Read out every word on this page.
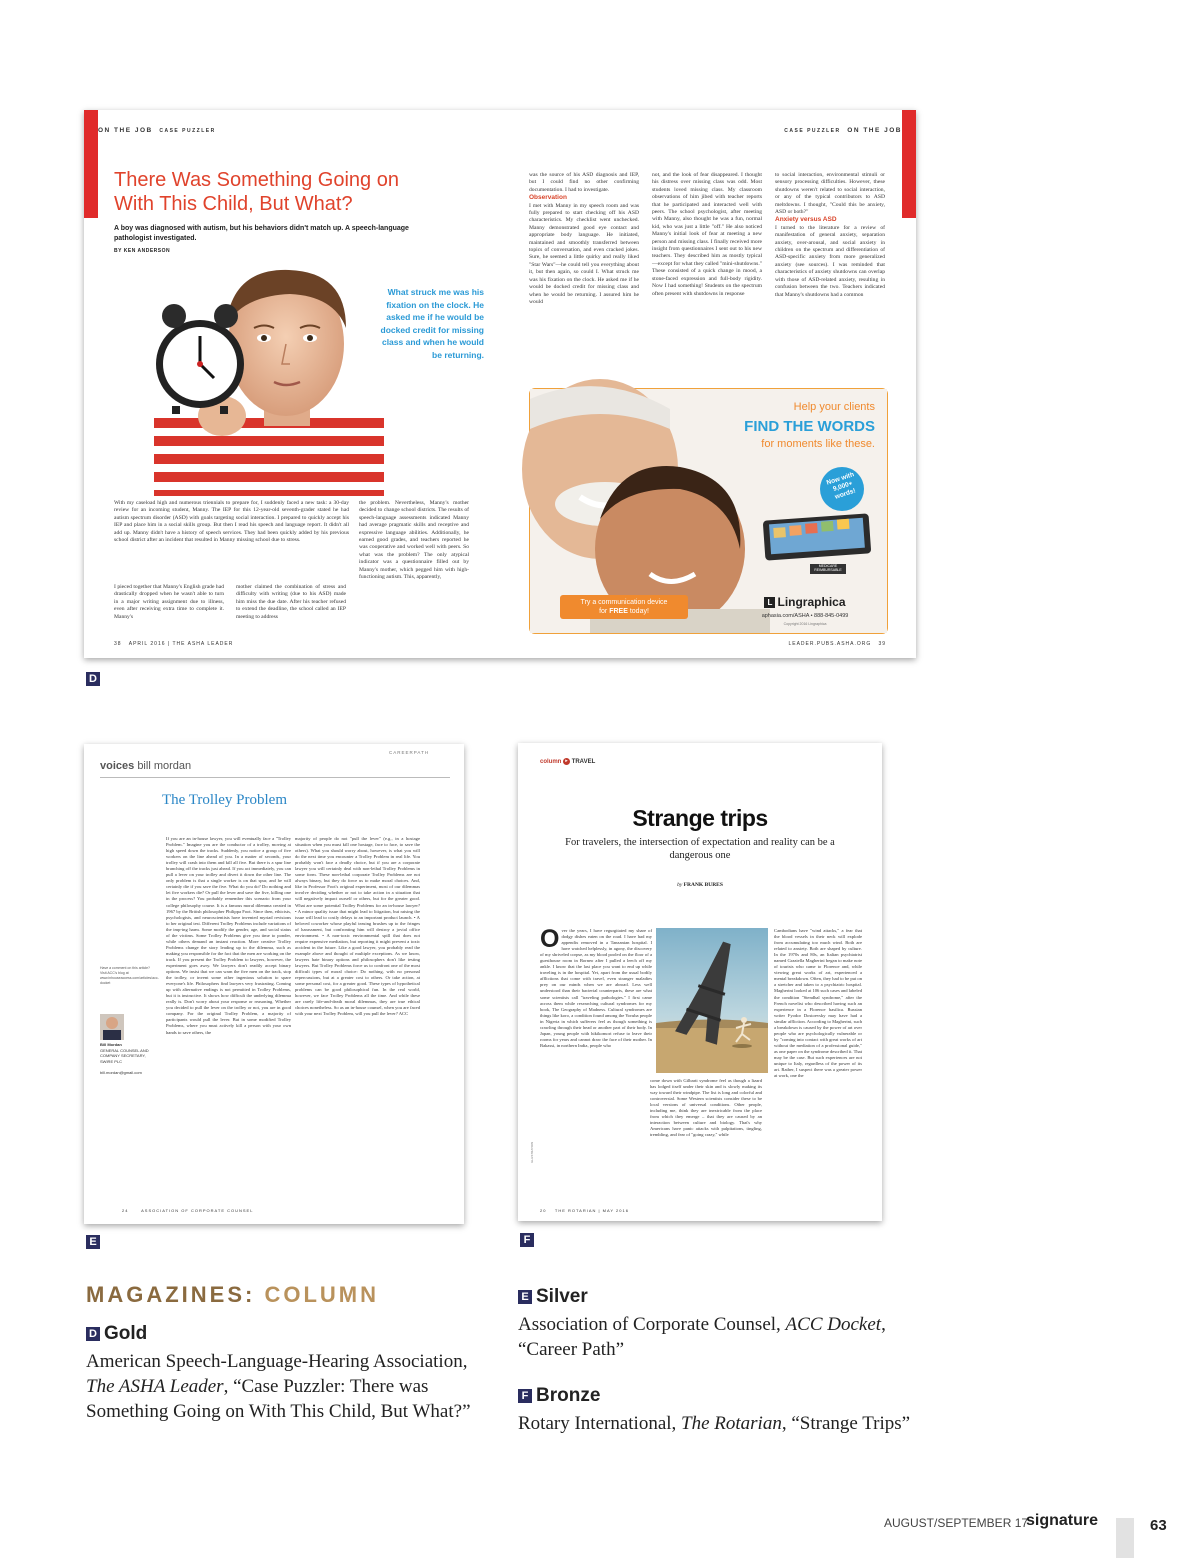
ON THE JOB CASE PUZZLER	CASE PUZZLER ON THE JOB
There Was Something Going on With This Child, But What?
A boy was diagnosed with autism, but his behaviors didn't match up. A speech-language pathologist investigated.
BY KEN ANDERSON
What struck me was his fixation on the clock. He asked me if he would be docked credit for missing class and when he would be returning.
With my caseload high and numerous triennials to prepare for, I suddenly faced a new task: a 30-day review for an incoming student, Manny. The IEP for this 12-year-old seventh-grader stated he had autism spectrum disorder (ASD) with goals targeting social interaction. I prepared to quickly accept his IEP and place him in a social skills group. But then I read his speech and language report. It didn't all add up. Manny didn't have a history of speech services. They had been quickly added by his previous school district after an incident that resulted in Manny missing school due to stress.
I pieced together that Manny's English grade had drastically dropped when he wasn't able to turn in a major writing assignment due to illness, even after receiving extra time to complete it. Manny's
mother claimed the combination of stress and difficulty with writing (due to his ASD) made him miss the due date. After his teacher refused to extend the deadline, the school called an IEP meeting to address
the problem. Nevertheless, Manny's mother decided to change school districts. The results of speech-language assessments indicated Manny had average pragmatic skills and receptive and expressive language abilities. Additionally, he earned good grades, and teachers reported he was cooperative and worked well with peers. So what was the problem? The only atypical indicator was a questionnaire filled out by Manny's mother, which pegged him with high-functioning autism. This, apparently,
was the source of his ASD diagnosis and IEP, but I could find no other confirming documentation. I had to investigate.
Observation
I met with Manny in my speech room and was fully prepared to start checking off his ASD characteristics. My checklist went unchecked. Manny demonstrated good eye contact and appropriate body language. He initiated, maintained and smoothly transferred between topics of conversation, and even cracked jokes. Sure, he seemed a little quirky and really liked "Star Wars"—he could tell you everything about it, but then again, so could I. What struck me was his fixation on the clock. He asked me if he would be docked credit for missing class and when he would be returning. I assured him he would
not, and the look of fear disappeared. I thought his distress over missing class was odd. Most students loved missing class. My classroom observations of him jibed with teacher reports that he participated and interacted well with peers. The school psychologist, after meeting with Manny, also thought he was a fun, normal kid, who was just a little "off." He also noticed Manny's initial look of fear at meeting a new person and missing class. I finally received more insight from questionnaires I sent out to his new teachers. They described him as mostly typical—except for what they called "mini-shutdowns." These consisted of a quick change in mood, a stone-faced expression and full-body rigidity. Now I had something! Students on the spectrum often present with shutdowns in response
to social interaction, environmental stimuli or sensory processing difficulties. However, these shutdowns weren't related to social interaction, or any of the typical contributors to ASD meltdowns. I thought, "Could this be anxiety, ASD or both?"
Anxiety versus ASD
I turned to the literature for a review of manifestation of general anxiety, separation anxiety, over-arousal, and social anxiety in children on the spectrum and differentiation of ASD-specific anxiety from more generalized anxiety (see sources). I was reminded that characteristics of anxiety shutdowns can overlap with those of ASD-related anxiety, resulting in confusion between the two. Teachers indicated that Manny's shutdowns had a common
Help your clients
FIND THE WORDS
for moments like these.
Now with 9,000+ words!
MEDICARE REIMBURSABLE
Try a communication device
for FREE today!
L Lingraphica
aphasia.com/ASHA • 888-845-0499
Copyright 2016 Lingraphica
38 APRIL 2016 | THE ASHA LEADER	LEADER.PUBS.ASHA.ORG 39
D
voices bill mordan
CAREERPATH
The Trolley Problem
Have a comment on this article? Visit ACC's blog at www.inhouseaccess.com/articles/acc-docket
Bill Mordan
GENERAL COUNSEL AND COMPANY SECRETARY, SWIRE PLC

bill.mordan@gmail.com
If you are an in-house lawyer, you will eventually face a "Trolley Problem." Imagine you are the conductor of a trolley, moving at high speed down the tracks. Suddenly, you notice a group of five workers on the line ahead of you. In a matter of seconds, your trolley will crash into them and kill all five. But there is a spur line branching off the tracks just ahead. If you act immediately, you can pull a lever on your trolley and divert it down the other line. The only problem is that a single worker is on that spur, and he will certainly die if you save the five. What do you do? Do nothing and let five workers die? Or pull the lever and save the five, killing one in the process? You probably remember this scenario from your college philosophy course. It is a famous moral dilemma created in 1967 by the British philosopher Philippa Foot. Since then, ethicists, psychologists, and neuroscientists have invented myriad revisions to her original test. Different Trolley Problems include variations of the imp-ing harm. Some modify the gender, age, and social status of the victims. Some Trolley Problems give you time to ponder, while others demand an instant reaction. More creative Trolley Problems change the story leading up to the dilemma, such as making you responsible for the fact that the men are working on the track. If you present the Trolley Problem to lawyers, however, the experiment goes awry. We lawyers don't readily accept binary options. We insist that we can warn the five men on the track, stop the trolley, or invent some other ingenious solution to spare everyone's life. Philosophers find lawyers very frustrating. Coming up with alternative endings is not permitted in Trolley Problems, but it is instructive. It shows how difficult the underlying dilemma really is. Don't worry about your response or reasoning. Whether you decided to pull the lever on the trolley or not, you are in good company. For the original Trolley Problem, a majority of participants would pull the lever. But in some modified Trolley Problems, where you must actively kill a person with your own hands to save others, the
majority of people do not "pull the lever" (e.g., in a hostage situation when you must kill one hostage, face to face, to save the others). What you should worry about, however, is what you will do the next time you encounter a Trolley Problem in real life. You probably won't face a deadly choice, but if you are a corporate lawyer you will certainly deal with non-lethal Trolley Problems in some form. These non-lethal corporate Trolley Problems are not always binary, but they do force us to make moral choices. And, like in Professor Foot's original experiment, most of our dilemmas involve deciding whether or not to take action in a situation that will negatively impact ourself or others, but for the greater good. What are some potential Trolley Problems for an in-house lawyer? • A minor quality issue that might lead to litigation, but raising the issue will lead to costly delays to an important product launch. • A beloved coworker whose playful teasing brushes up to the fringes of harassment, but confronting him will destroy a jovial office environment. • A non-toxic environmental spill that does not require expensive mediation, but reporting it might prevent a toxic accident in the future. Like a good lawyer, you probably read the example above and thought of multiple exceptions. As we know, lawyers hate binary options and philosophers don't like testing lawyers. But Trolley Problems force us to confront one of the most difficult types of moral choice: Do nothing, with no personal repercussions, but at a greater cost to others. Or take action, at some personal cost, for a greater good. These types of hypothetical problems can be good philosophical fun. In the real world, however, we face Trolley Problems all the time. And while these are rarely life-and-death moral dilemmas, they are true ethical choices nonetheless. So as an in-house counsel, when you are faced with your next Trolley Problem, will you pull the lever? ACC
24	ASSOCIATION OF CORPORATE COUNSEL
E
column ▸ TRAVEL
Strange trips
For travelers, the intersection of expectation and reality can be a dangerous one
by FRANK BURES
O ver the years, I have regurgitated my share of dodgy dishes eaten on the road. I have had my appendix removed in a Tanzanian hospital. I have watched helplessly, in agony, the discovery of my shriveled corpse, as my blood pooled on the floor of a guesthouse room in Borneo after I pulled a leech off my ankle. I know that the last place you want to end up while traveling is in the hospital. Yet, apart from the usual bodily afflictions that come with travel, even stranger maladies prey on our minds when we are abroad. Less well understood than their bacterial counterparts, these are what some scientists call "traveling pathologies." I first came across them while researching cultural syndromes for my book, The Geography of Madness. Cultural syndromes are things like koro, a condition found among the Yoruba people in Nigeria in which sufferers feel as though something is crawling through their head or another part of their body. In Japan, young people with hikikomori refuse to leave their rooms for years and cannot draw the face of their mother. In Bakassi, in northern India, people who
ILLUSTRATION
come down with Gilbarti syndrome feel as though a lizard has lodged itself under their skin and is slowly making its way toward their windpipe. The list is long and colorful and controversial. Some Western scientists consider these to be local versions of universal conditions. Other people, including me, think they are inextricable from the place from which they emerge – that they are caused by an interaction between culture and biology. That's why Americans have panic attacks with palpitations, tingling, trembling, and fear of "going crazy," while
Cambodians have "wind attacks," a fear that the blood vessels in their neck will explode from accumulating too much wind. Both are related to anxiety. Both are shaped by culture. In the 1970s and 80s, an Italian psychiatrist named Graziella Magherini began to make note of tourists who came to Florence and, while viewing great works of art, experienced a mental breakdown. Often, they had to be put on a stretcher and taken to a psychiatric hospital. Magherini looked at 106 such cases and labeled the condition "Stendhal syndrome," after the French novelist who described having such an experience in a Florence basilica. Russian writer Fyodor Dostoevsky may have had a similar affliction. According to Magherini, such a breakdown is caused by the power of art over people who are psychologically vulnerable or by "coming into contact with great works of art without the mediation of a professional guide," as one paper on the syndrome described it. That may be the case. But such experiences are not unique to Italy, regardless of the power of its art. Rather, I suspect there was a greater power at work, one the
20 THE ROTARIAN | MAY 2016
F
MAGAZINES: COLUMN
D Gold
American Speech-Language-Hearing Association, The ASHA Leader, “Case Puzzler: There was Something Going on With This Child, But What?”
E Silver
Association of Corporate Counsel, ACC Docket,
“Career Path”
F Bronze
Rotary International, The Rotarian, “Strange Trips”
AUGUST/SEPTEMBER 17
signature	63
